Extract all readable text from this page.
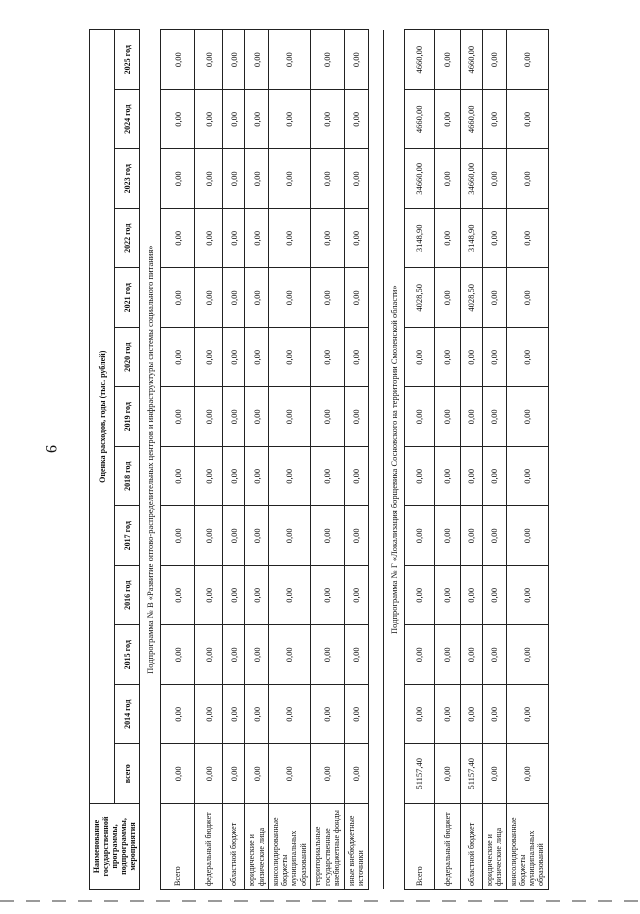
9
Наименование государственной программы, подпрограммы, мероприятия	Оценка расходов, годы (тыс. рублей)												
	всего	2014 год	2015 год	2016 год	2017 год	2018 год	2019 год	2020 год	2021 год	2022 год	2023 год	2024 год	2025 год
Подпрограмма № В «Развитие оптово-распределительных центров и инфраструктуры системы социального питания»													
Всего	0,00	0,00	0,00	0,00	0,00	0,00	0,00	0,00	0,00	0,00	0,00	0,00	0,00
федеральный бюджет	0,00	0,00	0,00	0,00	0,00	0,00	0,00	0,00	0,00	0,00	0,00	0,00	0,00
областной бюджет	0,00	0,00	0,00	0,00	0,00	0,00	0,00	0,00	0,00	0,00	0,00	0,00	0,00
юридические и физические лица	0,00	0,00	0,00	0,00	0,00	0,00	0,00	0,00	0,00	0,00	0,00	0,00	0,00
консолидированные бюджеты муниципальных образований	0,00	0,00	0,00	0,00	0,00	0,00	0,00	0,00	0,00	0,00	0,00	0,00	0,00
территориальные государственные внебюджетные фонды	0,00	0,00	0,00	0,00	0,00	0,00	0,00	0,00	0,00	0,00	0,00	0,00	0,00
иные внебюджетные источники	0,00	0,00	0,00	0,00	0,00	0,00	0,00	0,00	0,00	0,00	0,00	0,00	0,00

Подпрограмма № Г «Локализация борщевика Сосновского на территории Смоленской области»													
Всего	51157,40	0,00	0,00	0,00	0,00	0,00	0,00	0,00	4028,50	3148,90	34660,00	4660,00	4660,00
федеральный бюджет	0,00	0,00	0,00	0,00	0,00	0,00	0,00	0,00	0,00	0,00	0,00	0,00	0,00
областной бюджет	51157,40	0,00	0,00	0,00	0,00	0,00	0,00	0,00	4028,50	3148,90	34660,00	4660,00	4660,00
юридические и физические лица	0,00	0,00	0,00	0,00	0,00	0,00	0,00	0,00	0,00	0,00	0,00	0,00	0,00
консолидированные бюджеты муниципальных образований	0,00	0,00	0,00	0,00	0,00	0,00	0,00	0,00	0,00	0,00	0,00	0,00	0,00
